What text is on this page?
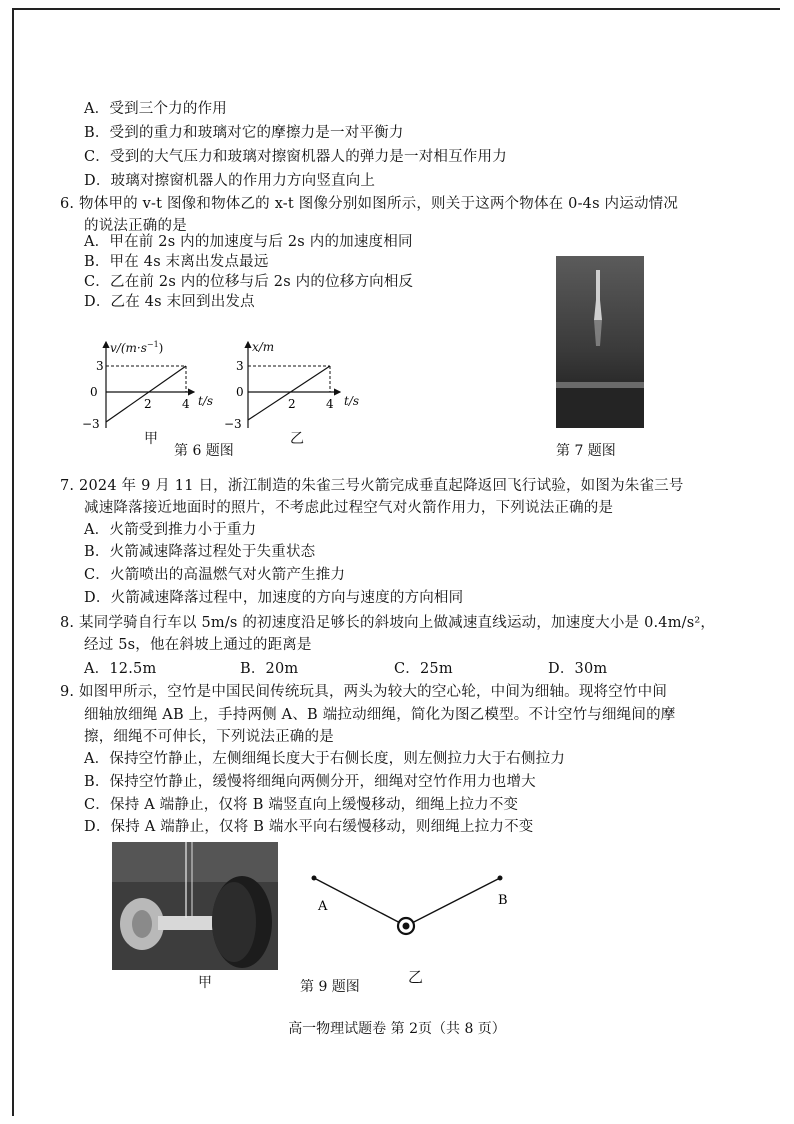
A．受到三个力的作用
B．受到的重力和玻璃对它的摩擦力是一对平衡力
C．受到的大气压力和玻璃对擦窗机器人的弹力是一对相互作用力
D．玻璃对擦窗机器人的作用力方向竖直向上
6. 物体甲的 v-t 图像和物体乙的 x-t 图像分别如图所示，则关于这两个物体在 0-4s 内运动情况
的说法正确的是
A．甲在前 2s 内的加速度与后 2s 内的加速度相同
B．甲在 4s 末离出发点最远
C．乙在前 2s 内的位移与后 2s 内的位移方向相反
D．乙在 4s 末回到出发点
3
0
−3
2	4
$v/(m\cdot s^{-1})$
t/s
甲
第 6 题图
3
0
−3
2	4
x/m
t/s
乙
第 7 题图
7. 2024 年 9 月 11 日，浙江制造的朱雀三号火箭完成垂直起降返回飞行试验，如图为朱雀三号
减速降落接近地面时的照片，不考虑此过程空气对火箭作用力，下列说法正确的是
A．火箭受到推力小于重力
B．火箭减速降落过程处于失重状态
C．火箭喷出的高温燃气对火箭产生推力
D．火箭减速降落过程中，加速度的方向与速度的方向相同
8. 某同学骑自行车以 5m/s 的初速度沿足够长的斜坡向上做减速直线运动，加速度大小是 0.4m/s²，
经过 5s，他在斜坡上通过的距离是
A．12.5m	B．20m	C．25m	D．30m
9. 如图甲所示，空竹是中国民间传统玩具，两头为较大的空心轮，中间为细轴。现将空竹中间
细轴放细绳 AB 上，手持两侧 A、B 端拉动细绳，简化为图乙模型。不计空竹与细绳间的摩
擦，细绳不可伸长，下列说法正确的是
A．保持空竹静止，左侧细绳长度大于右侧长度，则左侧拉力大于右侧拉力
B．保持空竹静止，缓慢将细绳向两侧分开，细绳对空竹作用力也增大
C．保持 A 端静止，仅将 B 端竖直向上缓慢移动，细绳上拉力不变
D．保持 A 端静止，仅将 B 端水平向右缓慢移动，则细绳上拉力不变
甲	第 9 题图
A	B
乙
高一物理试题卷 第 2页（共 8 页）
